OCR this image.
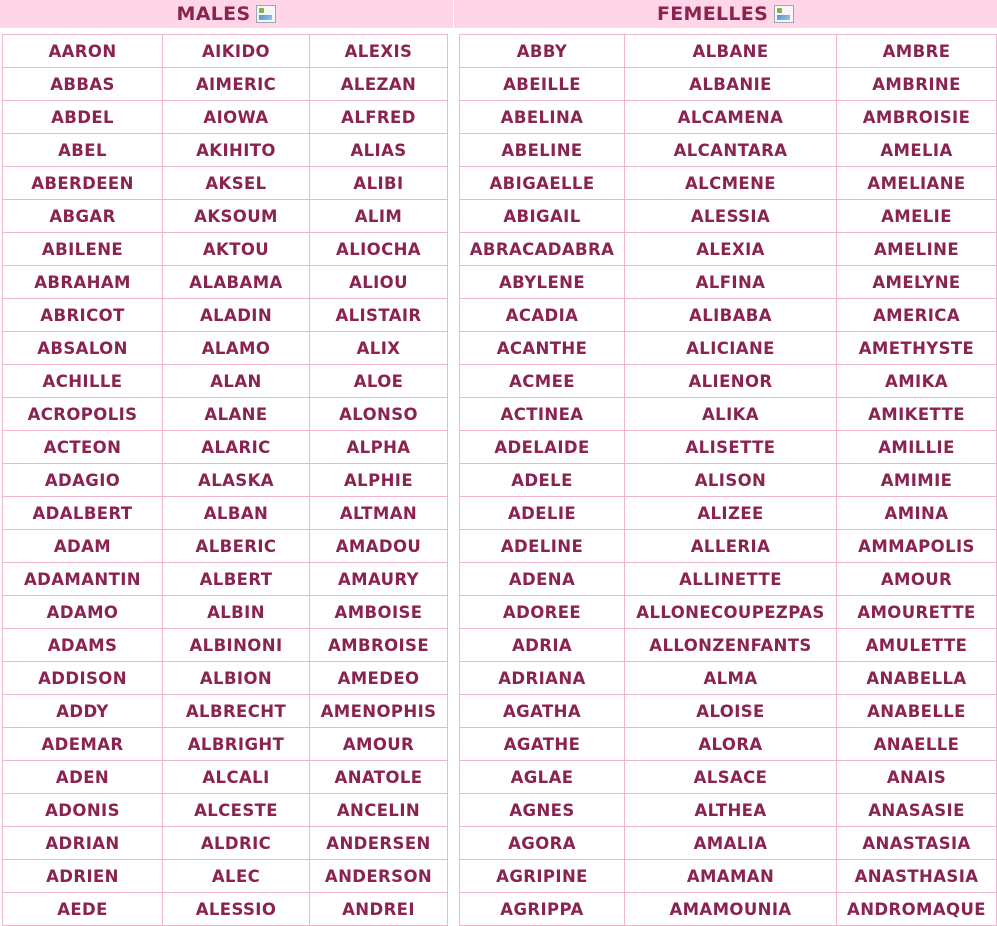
MALES
AARON	AIKIDO	ALEXIS
ABBAS	AIMERIC	ALEZAN
ABDEL	AIOWA	ALFRED
ABEL	AKIHITO	ALIAS
ABERDEEN	AKSEL	ALIBI
ABGAR	AKSOUM	ALIM
ABILENE	AKTOU	ALIOCHA
ABRAHAM	ALABAMA	ALIOU
ABRICOT	ALADIN	ALISTAIR
ABSALON	ALAMO	ALIX
ACHILLE	ALAN	ALOE
ACROPOLIS	ALANE	ALONSO
ACTEON	ALARIC	ALPHA
ADAGIO	ALASKA	ALPHIE
ADALBERT	ALBAN	ALTMAN
ADAM	ALBERIC	AMADOU
ADAMANTIN	ALBERT	AMAURY
ADAMO	ALBIN	AMBOISE
ADAMS	ALBINONI	AMBROISE
ADDISON	ALBION	AMEDEO
ADDY	ALBRECHT	AMENOPHIS
ADEMAR	ALBRIGHT	AMOUR
ADEN	ALCALI	ANATOLE
ADONIS	ALCESTE	ANCELIN
ADRIAN	ALDRIC	ANDERSEN
ADRIEN	ALEC	ANDERSON
AEDE	ALESSIO	ANDREI
FEMELLES
ABBY	ALBANE	AMBRE
ABEILLE	ALBANIE	AMBRINE
ABELINA	ALCAMENA	AMBROISIE
ABELINE	ALCANTARA	AMELIA
ABIGAELLE	ALCMENE	AMELIANE
ABIGAIL	ALESSIA	AMELIE
ABRACADABRA	ALEXIA	AMELINE
ABYLENE	ALFINA	AMELYNE
ACADIA	ALIBABA	AMERICA
ACANTHE	ALICIANE	AMETHYSTE
ACMEE	ALIENOR	AMIKA
ACTINEA	ALIKA	AMIKETTE
ADELAIDE	ALISETTE	AMILLIE
ADELE	ALISON	AMIMIE
ADELIE	ALIZEE	AMINA
ADELINE	ALLERIA	AMMAPOLIS
ADENA	ALLINETTE	AMOUR
ADOREE	ALLONECOUPEZPAS	AMOURETTE
ADRIA	ALLONZENFANTS	AMULETTE
ADRIANA	ALMA	ANABELLA
AGATHA	ALOISE	ANABELLE
AGATHE	ALORA	ANAELLE
AGLAE	ALSACE	ANAIS
AGNES	ALTHEA	ANASASIE
AGORA	AMALIA	ANASTASIA
AGRIPINE	AMAMAN	ANASTHASIA
AGRIPPA	AMAMOUNIA	ANDROMAQUE
